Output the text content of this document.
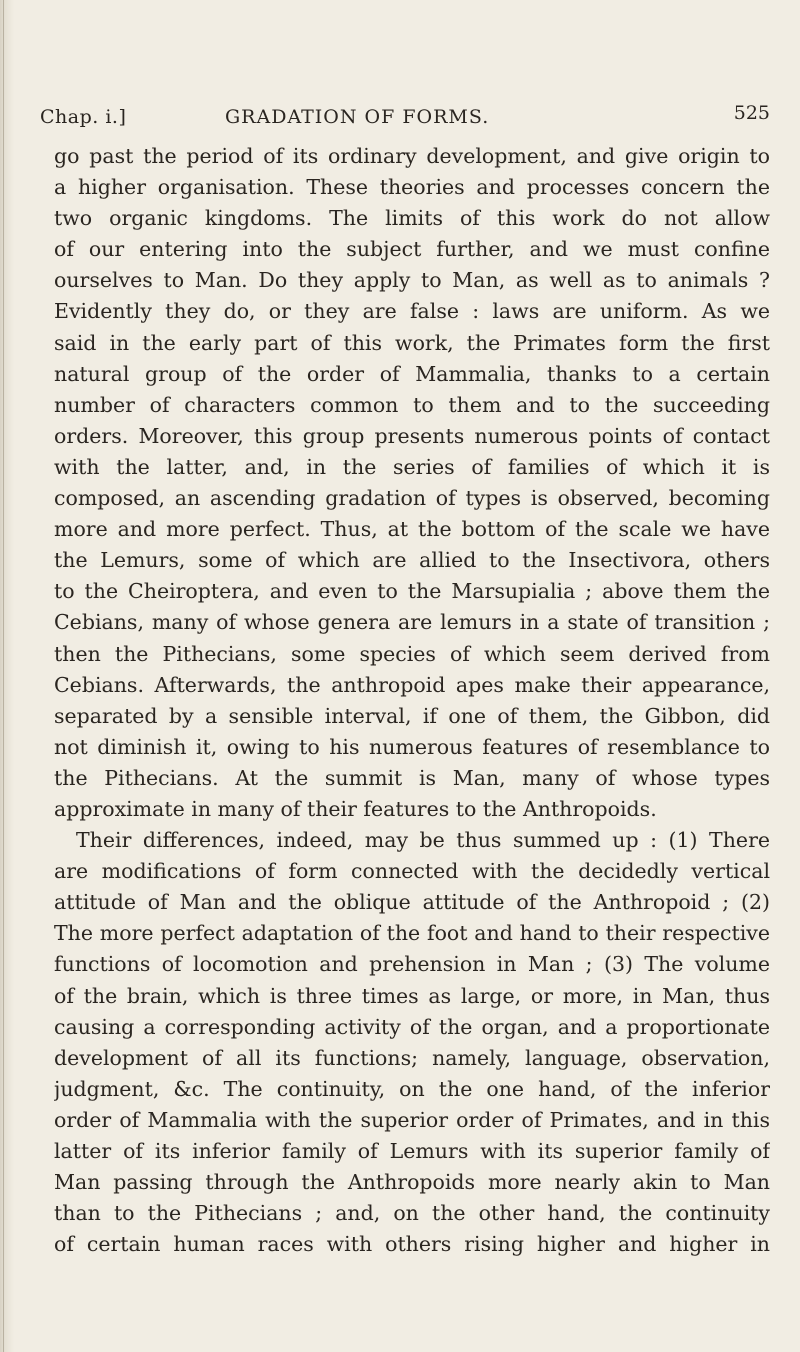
Chap. i.]	GRADATION OF FORMS.	525
go past the period of its ordinary development, and give origin to
a higher organisation. These theories and processes concern the
two organic kingdoms. The limits of this work do not allow
of our entering into the subject further, and we must confine
ourselves to Man. Do they apply to Man, as well as to animals ?
Evidently they do, or they are false : laws are uniform. As we
said in the early part of this work, the Primates form the first
natural group of the order of Mammalia, thanks to a certain
number of characters common to them and to the succeeding
orders. Moreover, this group presents numerous points of contact
with the latter, and, in the series of families of which it is
composed, an ascending gradation of types is observed, becoming
more and more perfect. Thus, at the bottom of the scale we have
the Lemurs, some of which are allied to the Insectivora, others
to the Cheiroptera, and even to the Marsupialia ; above them the
Cebians, many of whose genera are lemurs in a state of transition ;
then the Pithecians, some species of which seem derived from
Cebians. Afterwards, the anthropoid apes make their appearance,
separated by a sensible interval, if one of them, the Gibbon, did
not diminish it, owing to his numerous features of resemblance to
the Pithecians. At the summit is Man, many of whose types
approximate in many of their features to the Anthropoids.
Their differences, indeed, may be thus summed up : (1) There
are modifications of form connected with the decidedly vertical
attitude of Man and the oblique attitude of the Anthropoid ; (2)
The more perfect adaptation of the foot and hand to their respective
functions of locomotion and prehension in Man ; (3) The volume
of the brain, which is three times as large, or more, in Man, thus
causing a corresponding activity of the organ, and a proportionate
development of all its functions; namely, language, observation,
judgment, &c. The continuity, on the one hand, of the inferior
order of Mammalia with the superior order of Primates, and in this
latter of its inferior family of Lemurs with its superior family of
Man passing through the Anthropoids more nearly akin to Man
than to the Pithecians ; and, on the other hand, the continuity
of certain human races with others rising higher and higher in
